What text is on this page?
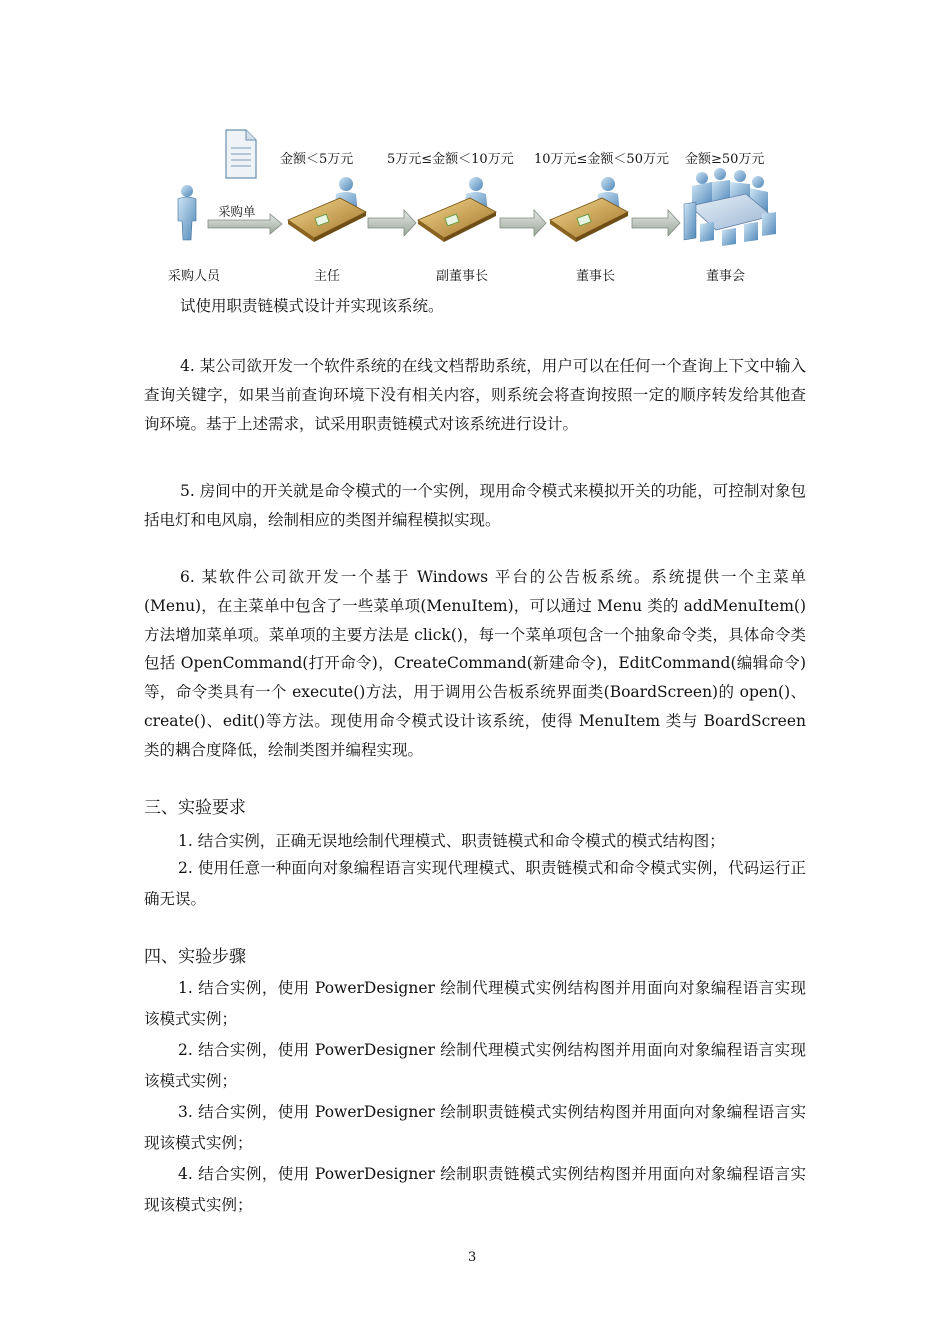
金额＜5万元	5万元≤金额＜10万元 10万元≤金额＜50万元 金额≥50万元
采购单
采购人员	主任	副董事长	董事长	董事会

试使用职责链模式设计并实现该系统。

4. 某公司欲开发一个软件系统的在线文档帮助系统，用户可以在任何一个查询上下文中输入查询关键字，如果当前查询环境下没有相关内容，则系统会将查询按照一定的顺序转发给其他查询环境。基于上述需求，试采用职责链模式对该系统进行设计。

5. 房间中的开关就是命令模式的一个实例，现用命令模式来模拟开关的功能，可控制对象包括电灯和电风扇，绘制相应的类图并编程模拟实现。

6. 某软件公司欲开发一个基于 Windows 平台的公告板系统。系统提供一个主菜单(Menu)，在主菜单中包含了一些菜单项(MenuItem)，可以通过 Menu 类的 addMenuItem()方法增加菜单项。菜单项的主要方法是 click()，每一个菜单项包含一个抽象命令类，具体命令类包括 OpenCommand(打开命令)，CreateCommand(新建命令)，EditCommand(编辑命令)等，命令类具有一个 execute()方法，用于调用公告板系统界面类(BoardScreen)的 open()、create()、edit()等方法。现使用命令模式设计该系统，使得 MenuItem 类与 BoardScreen 类的耦合度降低，绘制类图并编程实现。

三、实验要求

1. 结合实例，正确无误地绘制代理模式、职责链模式和命令模式的模式结构图；

2. 使用任意一种面向对象编程语言实现代理模式、职责链模式和命令模式实例，代码运行正确无误。

四、实验步骤

1. 结合实例，使用 PowerDesigner 绘制代理模式实例结构图并用面向对象编程语言实现该模式实例；

2. 结合实例，使用 PowerDesigner 绘制代理模式实例结构图并用面向对象编程语言实现该模式实例；

3. 结合实例，使用 PowerDesigner 绘制职责链模式实例结构图并用面向对象编程语言实现该模式实例；

4. 结合实例，使用 PowerDesigner 绘制职责链模式实例结构图并用面向对象编程语言实现该模式实例；

3
